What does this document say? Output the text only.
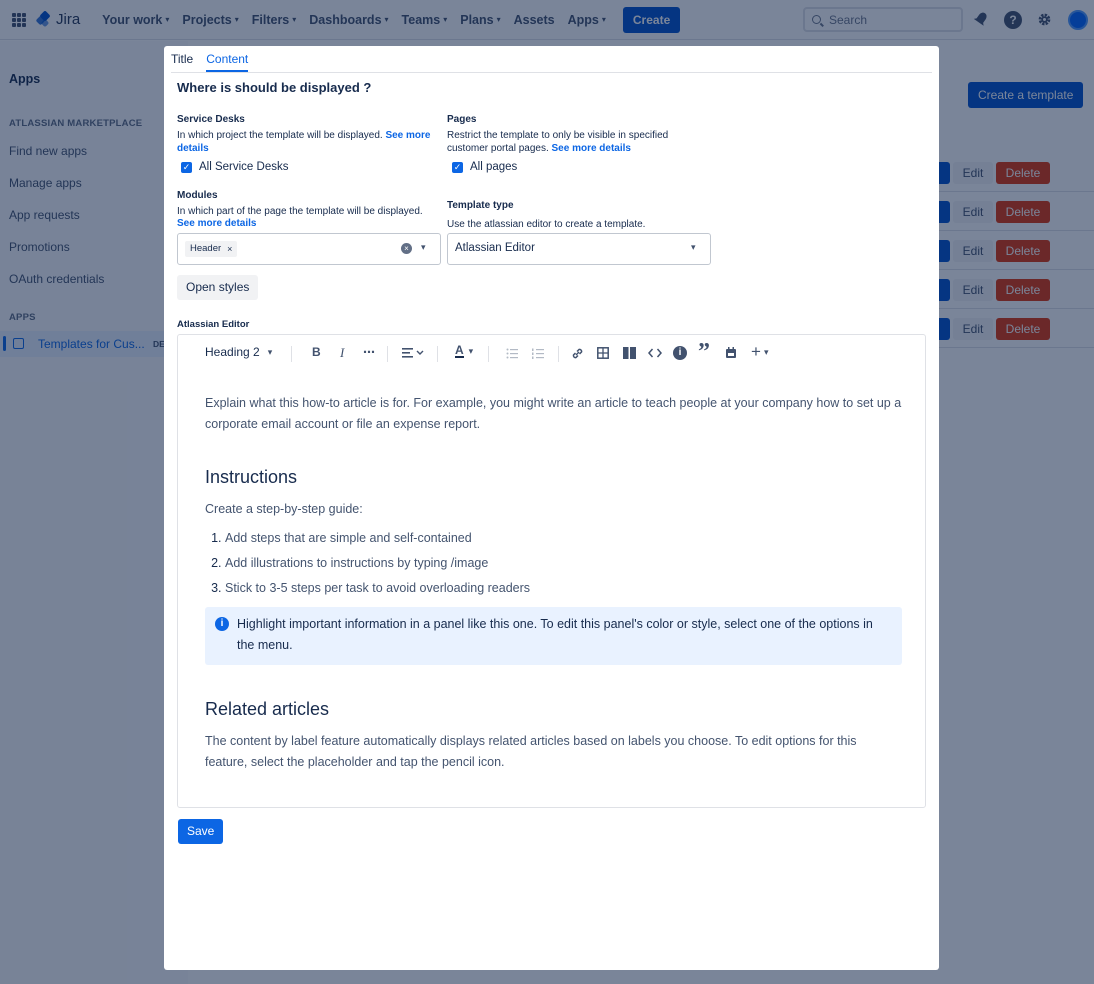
Title Content
Where is should be displayed ?
Service Desks
In which project the template will be displayed. See more details
✓ All Service Desks
Pages
Restrict the template to only be visible in specified
customer portal pages. See more details
✓ All pages
Modules
In which part of the page the template will be displayed.
See more details
Header ×	×	▾
Template type
Use the atlassian editor to create a template.
Atlassian Editor	▾
Open styles
Atlassian Editor
Heading 2 ▾	B I ⋯	A ▾	i ” + ▾
Explain what this how-to article is for. For example, you might write an article to teach people at your company how to set up a corporate email account or file an expense report.
Instructions
Create a step-by-step guide:
1. Add steps that are simple and self-contained
2. Add illustrations to instructions by typing /image
3. Stick to 3-5 steps per task to avoid overloading readers
i	Highlight important information in a panel like this one. To edit this panel's color or style, select one of the options in the menu.
Related articles
The content by label feature automatically displays related articles based on labels you choose. To edit options for this feature, select the placeholder and tap the pencil icon.
Save
